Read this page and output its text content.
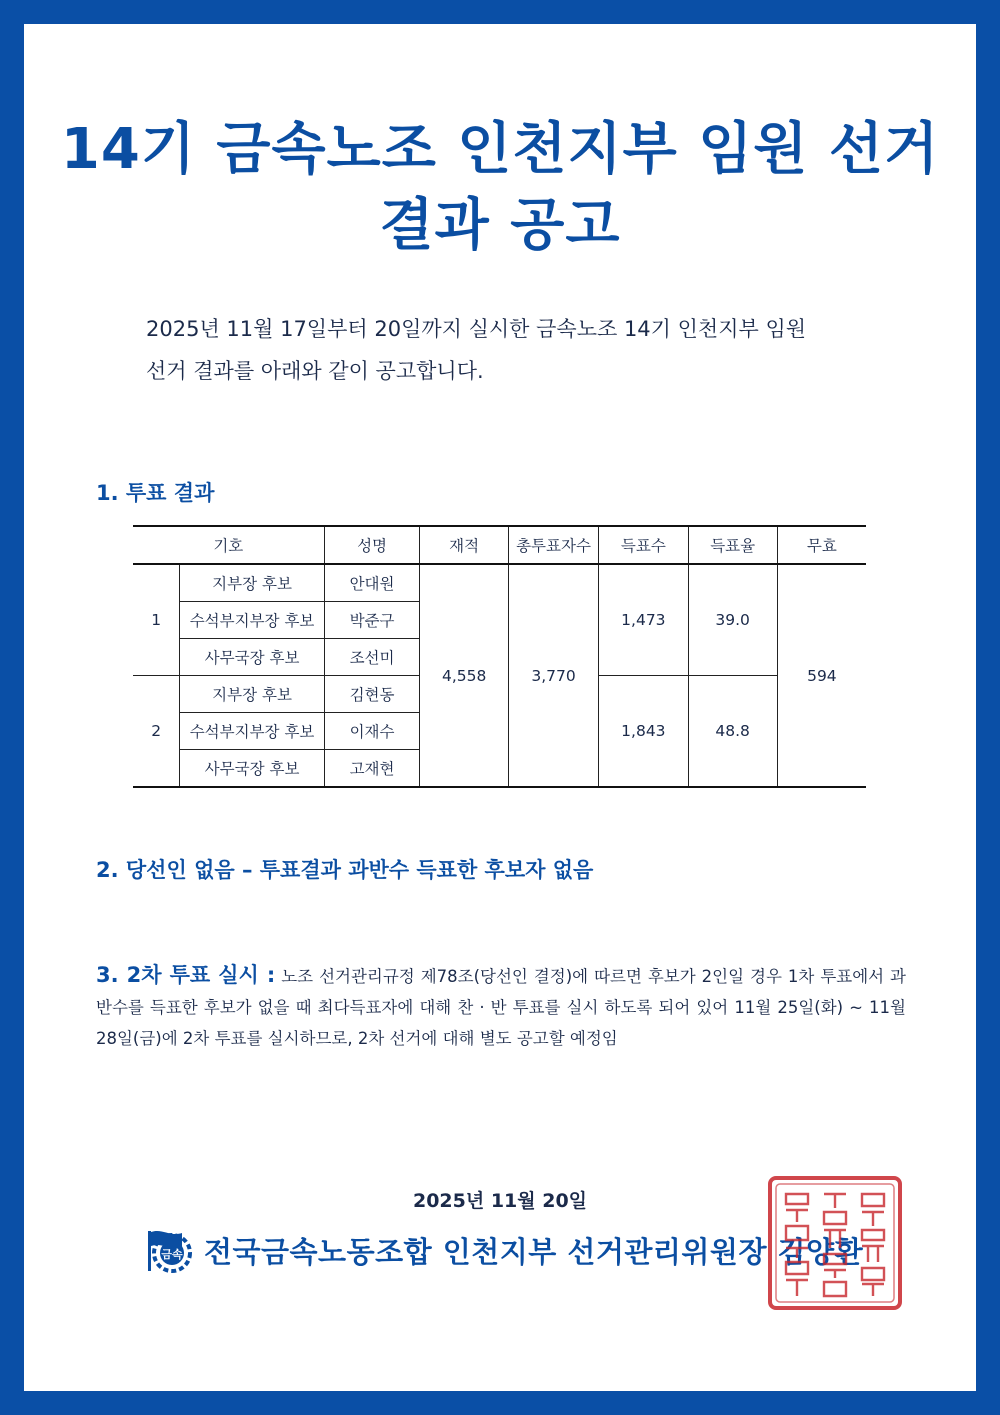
14기 금속노조 인천지부 임원 선거
결과 공고
2025년 11월 17일부터 20일까지 실시한 금속노조 14기 인천지부 임원
선거 결과를 아래와 같이 공고합니다.
1. 투표 결과
기호		성명	재적	총투표자수	득표수	득표율	무효
1	지부장 후보	안대원	4,558	3,770	1,473	39.0	594
	수석부지부장 후보	박준구					
	사무국장 후보	조선미					
2	지부장 후보	김현동			1,843	48.8	
	수석부지부장 후보	이재수					
	사무국장 후보	고재현					
2. 당선인 없음 – 투표결과 과반수 득표한 후보자 없음
3. 2차 투표 실시 : 노조 선거관리규정 제78조(당선인 결정)에 따르면 후보가 2인일 경우 1차 투표에서 과반수를 득표한 후보가 없을 때 최다득표자에 대해 찬 · 반 투표를 실시 하도록 되어 있어 11월 25일(화) ~ 11월 28일(금)에 2차 투표를 실시하므로, 2차 선거에 대해 별도 공고할 예정임
2025년 11월 20일
금속 전국금속노동조합 인천지부 선거관리위원장 김양환
